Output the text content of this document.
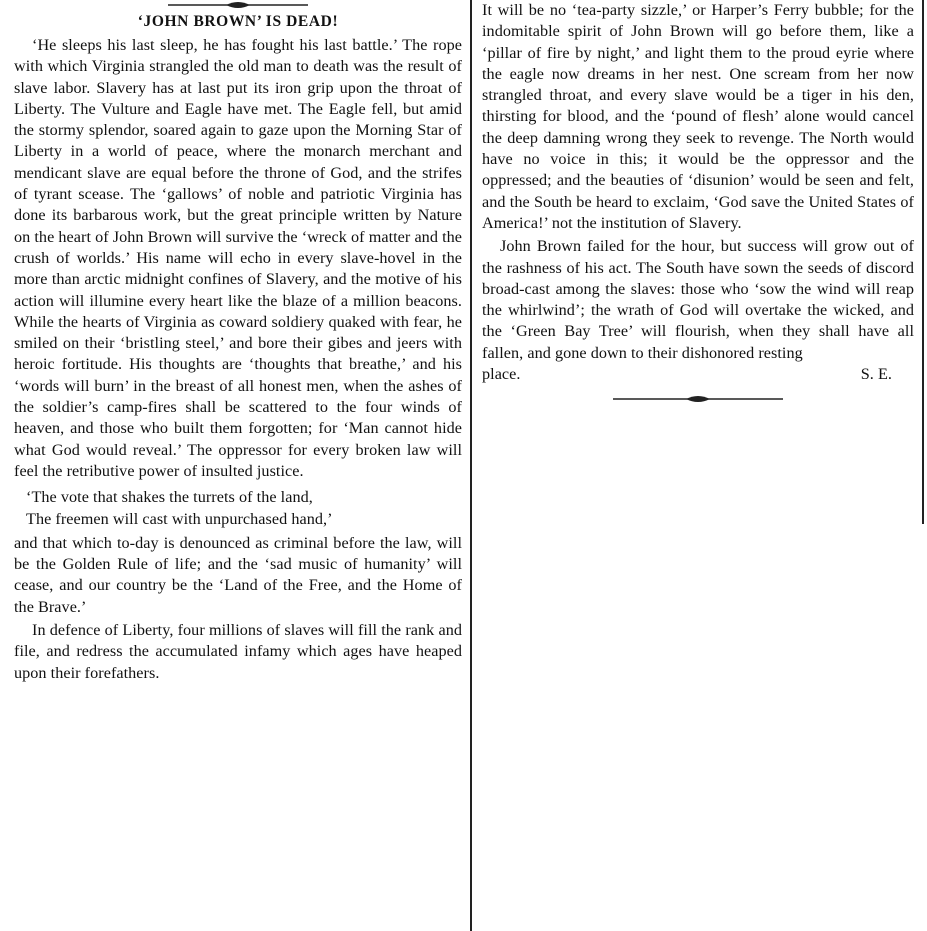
‘JOHN BROWN’ IS DEAD!

‘He sleeps his last sleep, he has fought his last battle.’ The rope with which Virginia strangled the old man to death was the result of slave labor. Slavery has at last put its iron grip upon the throat of Liberty. The Vulture and Eagle have met. The Eagle fell, but amid the stormy splendor, soared again to gaze upon the Morning Star of Liberty in a world of peace, where the monarch merchant and mendicant slave are equal before the throne of God, and the strifes of tyrant scease. The ‘gallows’ of noble and patriotic Virginia has done its barbarous work, but the great principle written by Nature on the heart of John Brown will survive the ‘wreck of matter and the crush of worlds.’ His name will echo in every slave-hovel in the more than arctic midnight confines of Slavery, and the motive of his action will illumine every heart like the blaze of a million beacons. While the hearts of Virginia as coward soldiery quaked with fear, he smiled on their ‘bristling steel,’ and bore their gibes and jeers with heroic fortitude. His thoughts are ‘thoughts that breathe,’ and his ‘words will burn’ in the breast of all honest men, when the ashes of the soldier’s camp-fires shall be scattered to the four winds of heaven, and those who built them forgotten; for ‘Man cannot hide what God would reveal.’ The oppressor for every broken law will feel the retributive power of insulted justice.

‘The vote that shakes the turrets of the land,
The freemen will cast with unpurchased hand,’

and that which to-day is denounced as criminal before the law, will be the Golden Rule of life; and the ‘sad music of humanity’ will cease, and our country be the ‘Land of the Free, and the Home of the Brave.’

In defence of Liberty, four millions of slaves will fill the rank and file, and redress the accumulated infamy which ages have heaped upon their forefathers.

It will be no ‘tea-party sizzle,’ or Harper’s Ferry bubble; for the indomitable spirit of John Brown will go before them, like a ‘pillar of fire by night,’ and light them to the proud eyrie where the eagle now dreams in her nest. One scream from her now strangled throat, and every slave would be a tiger in his den, thirsting for blood, and the ‘pound of flesh’ alone would cancel the deep damning wrong they seek to revenge. The North would have no voice in this; it would be the oppressor and the oppressed; and the beauties of ‘disunion’ would be seen and felt, and the South be heard to exclaim, ‘God save the United States of America!’ not the institution of Slavery.

John Brown failed for the hour, but success will grow out of the rashness of his act. The South have sown the seeds of discord broad-cast among the slaves: those who ‘sow the wind will reap the whirlwind’; the wrath of God will overtake the wicked, and the ‘Green Bay Tree’ will flourish, when they shall have all fallen, and gone down to their dishonored resting

place.	S. E.
